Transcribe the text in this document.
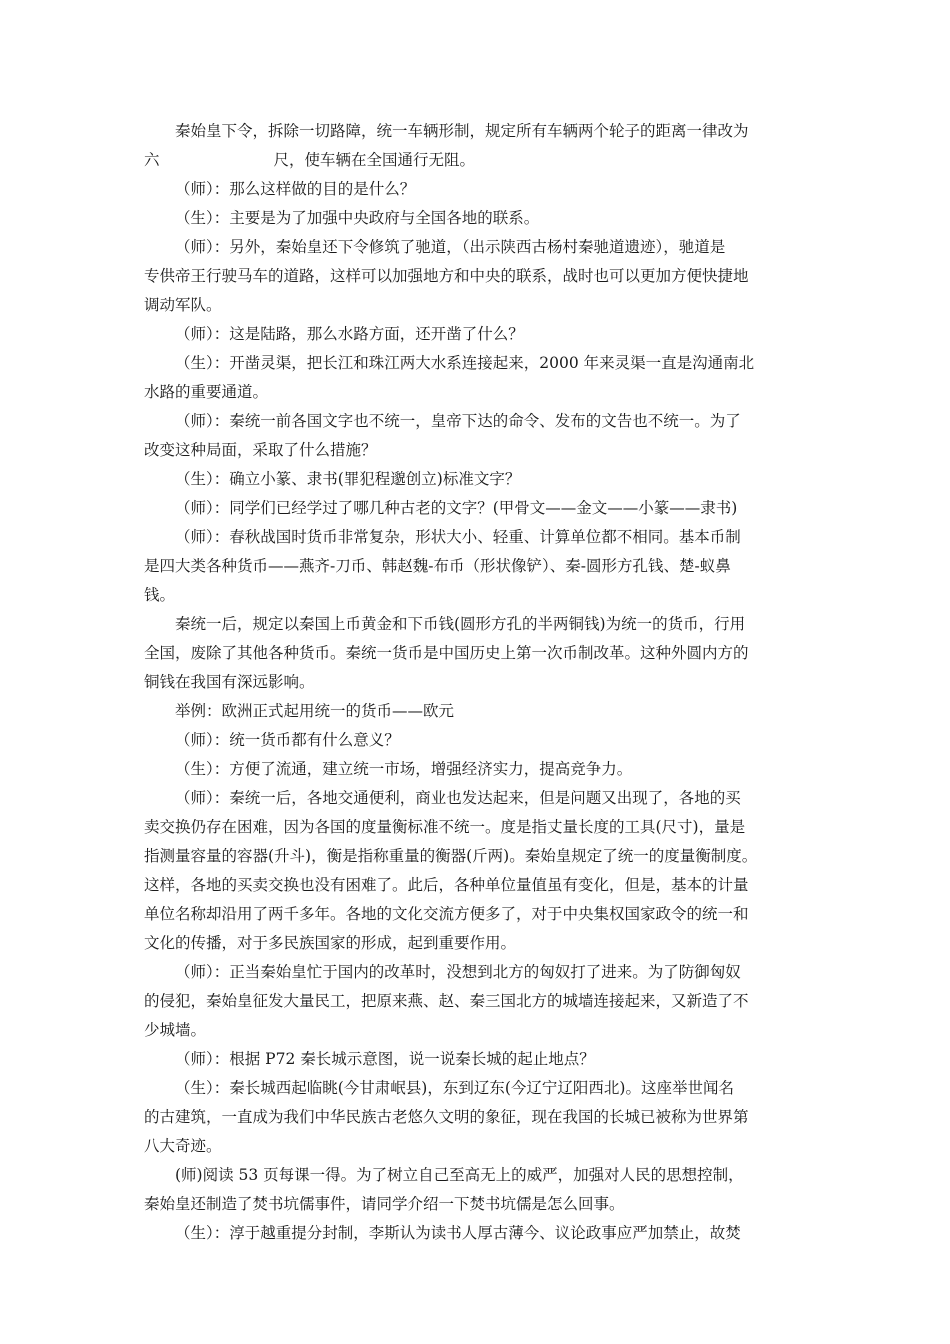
秦始皇下令，拆除一切路障，统一车辆形制，规定所有车辆两个轮子的距离一律改为
六	尺，使车辆在全国通行无阻。

（师）：那么这样做的目的是什么？

（生）：主要是为了加强中央政府与全国各地的联系。

（师）：另外，秦始皇还下令修筑了驰道，（出示陕西古杨村秦驰道遗迹），驰道是
专供帝王行驶马车的道路，这样可以加强地方和中央的联系，战时也可以更加方便快捷地
调动军队。

（师）：这是陆路，那么水路方面，还开凿了什么？

（生）：开凿灵渠，把长江和珠江两大水系连接起来，2000 年来灵渠一直是沟通南北
水路的重要通道。

（师）：秦统一前各国文字也不统一，皇帝下达的命令、发布的文告也不统一。为了
改变这种局面，采取了什么措施？

（生）：确立小篆、隶书(罪犯程邈创立)标准文字？

（师）：同学们已经学过了哪几种古老的文字？(甲骨文——金文——小篆——隶书)

（师）：春秋战国时货币非常复杂，形状大小、轻重、计算单位都不相同。基本币制
是四大类各种货币——燕齐-刀币、韩赵魏-布币（形状像铲）、秦-圆形方孔钱、楚-蚁鼻
钱。

秦统一后，规定以秦国上币黄金和下币钱(圆形方孔的半两铜钱)为统一的货币，行用
全国，废除了其他各种货币。秦统一货币是中国历史上第一次币制改革。这种外圆内方的
铜钱在我国有深远影响。

举例：欧洲正式起用统一的货币——欧元

（师）：统一货币都有什么意义？

（生）：方便了流通，建立统一市场，增强经济实力，提高竞争力。

（师）：秦统一后，各地交通便利，商业也发达起来，但是问题又出现了，各地的买
卖交换仍存在困难，因为各国的度量衡标准不统一。度是指丈量长度的工具(尺寸)，量是
指测量容量的容器(升斗)，衡是指称重量的衡器(斤两)。秦始皇规定了统一的度量衡制度。
这样，各地的买卖交换也没有困难了。此后，各种单位量值虽有变化，但是，基本的计量
单位名称却沿用了两千多年。各地的文化交流方便多了，对于中央集权国家政令的统一和
文化的传播，对于多民族国家的形成，起到重要作用。

（师）：正当秦始皇忙于国内的改革时，没想到北方的匈奴打了进来。为了防御匈奴
的侵犯，秦始皇征发大量民工，把原来燕、赵、秦三国北方的城墙连接起来，又新造了不
少城墙。

（师）：根据 P72 秦长城示意图，说一说秦长城的起止地点？

（生）：秦长城西起临眺(今甘肃岷县)，东到辽东(今辽宁辽阳西北)。这座举世闻名
的古建筑，一直成为我们中华民族古老悠久文明的象征，现在我国的长城已被称为世界第
八大奇迹。

(师)阅读 53 页每课一得。为了树立自己至高无上的威严，加强对人民的思想控制，
秦始皇还制造了焚书坑儒事件，请同学介绍一下焚书坑儒是怎么回事。

（生）：淳于越重提分封制，李斯认为读书人厚古薄今、议论政事应严加禁止，故焚
